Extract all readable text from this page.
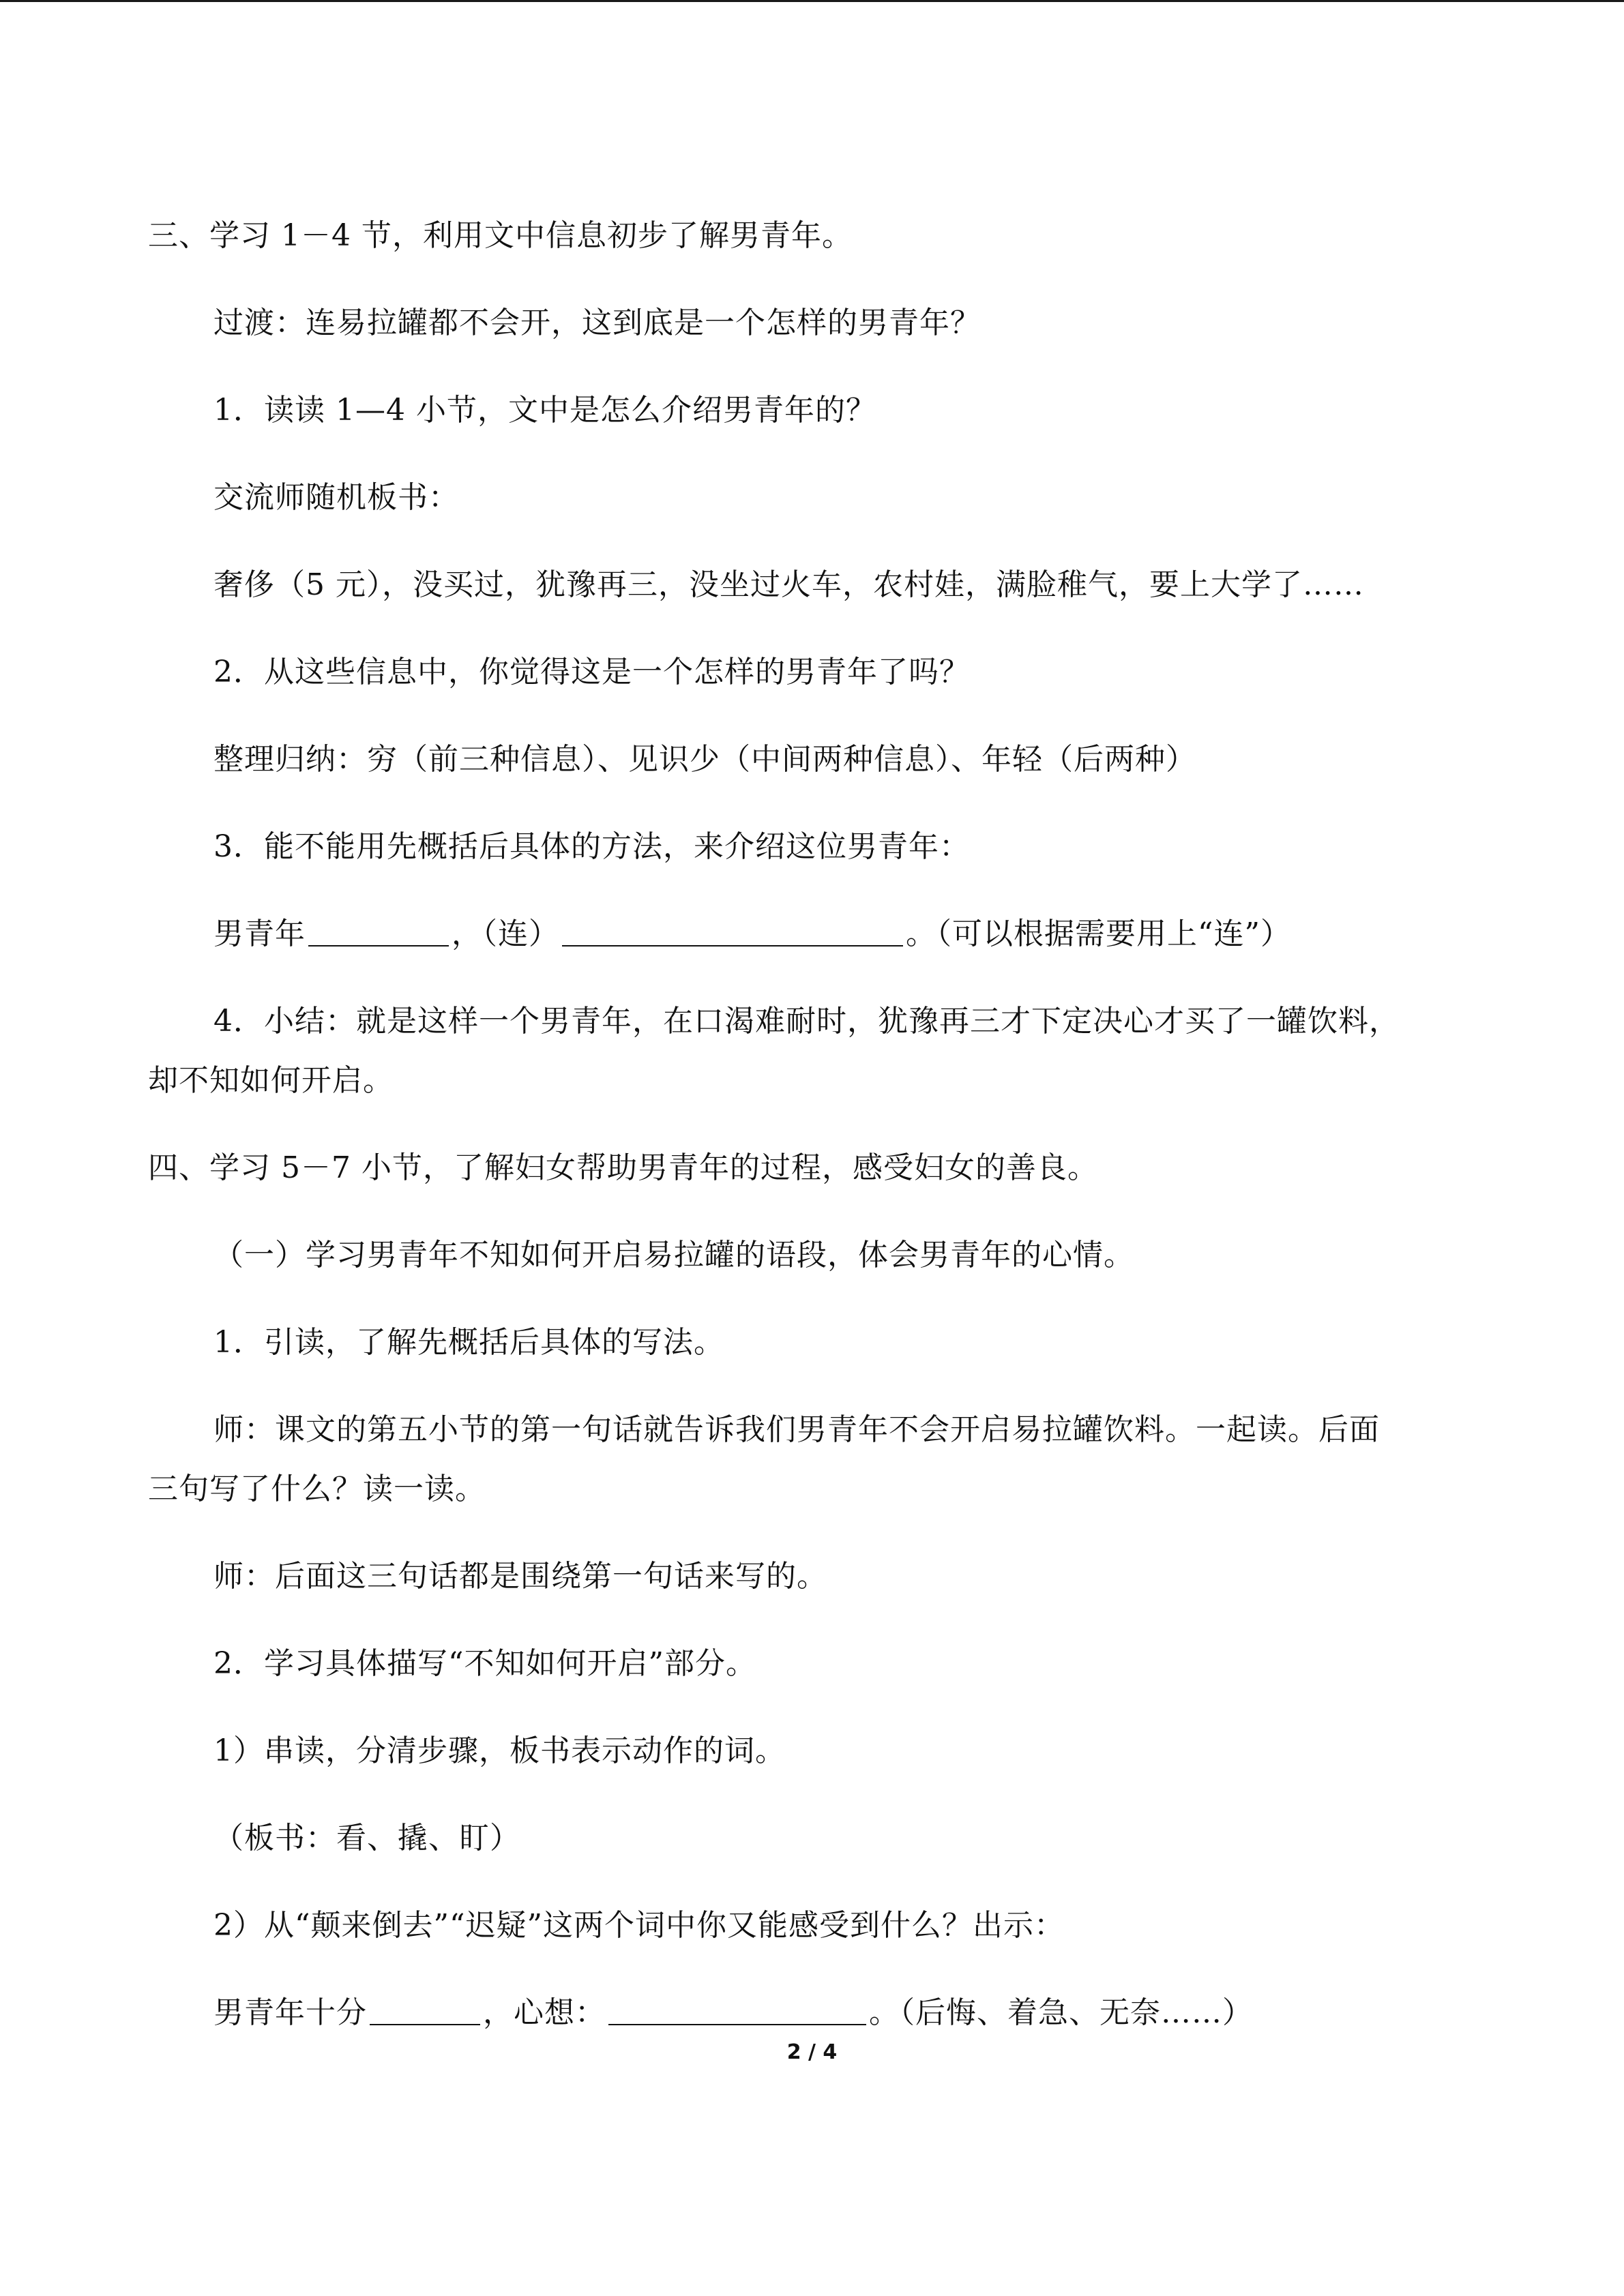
三、学习 1－4 节，利用文中信息初步了解男青年。
过渡：连易拉罐都不会开，这到底是一个怎样的男青年？
1．读读 1—4 小节，文中是怎么介绍男青年的？
交流师随机板书：
奢侈（5 元），没买过，犹豫再三，没坐过火车，农村娃，满脸稚气，要上大学了……
2．从这些信息中，你觉得这是一个怎样的男青年了吗？
整理归纳：穷（前三种信息）、见识少（中间两种信息）、年轻（后两种）
3．能不能用先概括后具体的方法，来介绍这位男青年：
男青年	，（连）	。（可以根据需要用上“连”）
4．小结：就是这样一个男青年，在口渴难耐时，犹豫再三才下定决心才买了一罐饮料，
却不知如何开启。
四、学习 5－7 小节，了解妇女帮助男青年的过程，感受妇女的善良。
（一）学习男青年不知如何开启易拉罐的语段，体会男青年的心情。
1．引读，了解先概括后具体的写法。
师：课文的第五小节的第一句话就告诉我们男青年不会开启易拉罐饮料。一起读。后面
三句写了什么？读一读。
师：后面这三句话都是围绕第一句话来写的。
2．学习具体描写“不知如何开启”部分。
1）串读，分清步骤，板书表示动作的词。
（板书：看、撬、盯）
2）从“颠来倒去”“迟疑”这两个词中你又能感受到什么？出示：
男青年十分	，心想：	。（后悔、着急、无奈……）
2 / 4
